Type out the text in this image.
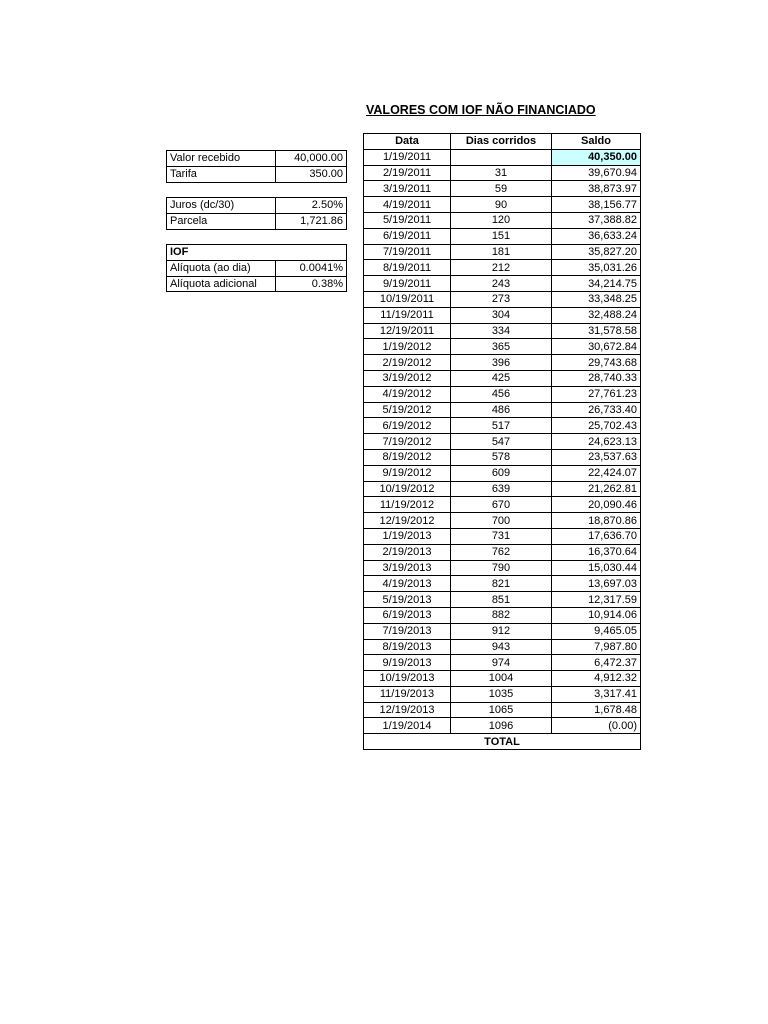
VALORES COM IOF NÃO FINANCIADO
Valor recebido	40,000.00
Tarifa	350.00
Juros (dc/30)	2.50%
Parcela	1,721.86
IOF	
Alíquota (ao dia)	0.0041%
Alíquota adicional	0.38%
Data	Dias corridos	Saldo
1/19/2011		40,350.00
2/19/2011	31	39,670.94
3/19/2011	59	38,873.97
4/19/2011	90	38,156.77
5/19/2011	120	37,388.82
6/19/2011	151	36,633.24
7/19/2011	181	35,827.20
8/19/2011	212	35,031.26
9/19/2011	243	34,214.75
10/19/2011	273	33,348.25
11/19/2011	304	32,488.24
12/19/2011	334	31,578.58
1/19/2012	365	30,672.84
2/19/2012	396	29,743.68
3/19/2012	425	28,740.33
4/19/2012	456	27,761.23
5/19/2012	486	26,733.40
6/19/2012	517	25,702.43
7/19/2012	547	24,623.13
8/19/2012	578	23,537.63
9/19/2012	609	22,424.07
10/19/2012	639	21,262.81
11/19/2012	670	20,090.46
12/19/2012	700	18,870.86
1/19/2013	731	17,636.70
2/19/2013	762	16,370.64
3/19/2013	790	15,030.44
4/19/2013	821	13,697.03
5/19/2013	851	12,317.59
6/19/2013	882	10,914.06
7/19/2013	912	9,465.05
8/19/2013	943	7,987.80
9/19/2013	974	6,472.37
10/19/2013	1004	4,912.32
11/19/2013	1035	3,317.41
12/19/2013	1065	1,678.48
1/19/2014	1096	(0.00)
TOTAL		
